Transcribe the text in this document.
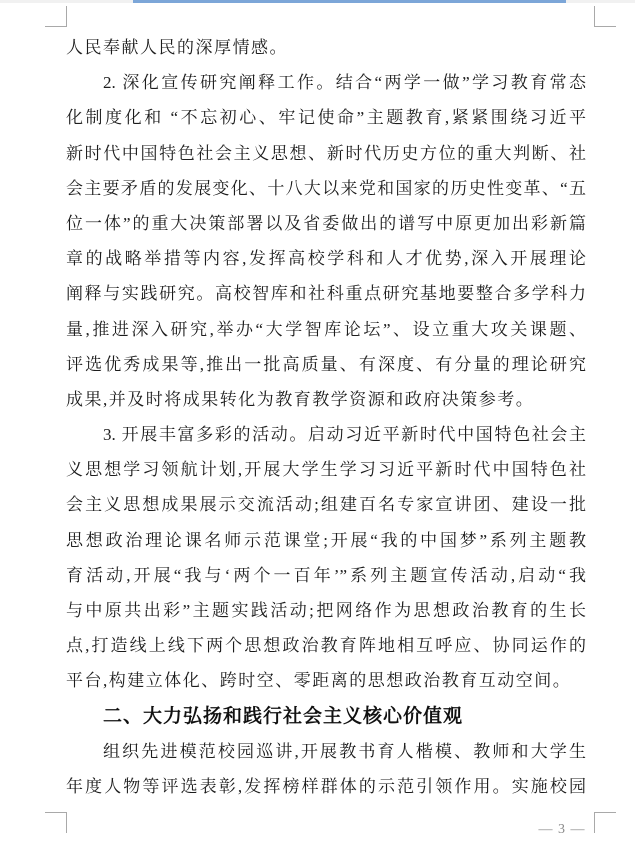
人民奉献人民的深厚情感。
2. 深化宣传研究阐释工作。结合“两学一做”学习教育常态
化制度化和 “不忘初心、牢记使命”主题教育,紧紧围绕习近平
新时代中国特色社会主义思想、新时代历史方位的重大判断、社
会主要矛盾的发展变化、十八大以来党和国家的历史性变革、“五
位一体”的重大决策部署以及省委做出的谱写中原更加出彩新篇
章的战略举措等内容,发挥高校学科和人才优势,深入开展理论
阐释与实践研究。高校智库和社科重点研究基地要整合多学科力
量,推进深入研究,举办“大学智库论坛”、设立重大攻关课题、
评选优秀成果等,推出一批高质量、有深度、有分量的理论研究
成果,并及时将成果转化为教育教学资源和政府决策参考。
3. 开展丰富多彩的活动。启动习近平新时代中国特色社会主
义思想学习领航计划,开展大学生学习习近平新时代中国特色社
会主义思想成果展示交流活动;组建百名专家宣讲团、建设一批
思想政治理论课名师示范课堂;开展“我的中国梦”系列主题教
育活动,开展“我与‘两个一百年’”系列主题宣传活动,启动“我
与中原共出彩”主题实践活动;把网络作为思想政治教育的生长
点,打造线上线下两个思想政治教育阵地相互呼应、协同运作的
平台,构建立体化、跨时空、零距离的思想政治教育互动空间。
二、大力弘扬和践行社会主义核心价值观
组织先进模范校园巡讲,开展教书育人楷模、教师和大学生
年度人物等评选表彰,发挥榜样群体的示范引领作用。实施校园
— 3 —
